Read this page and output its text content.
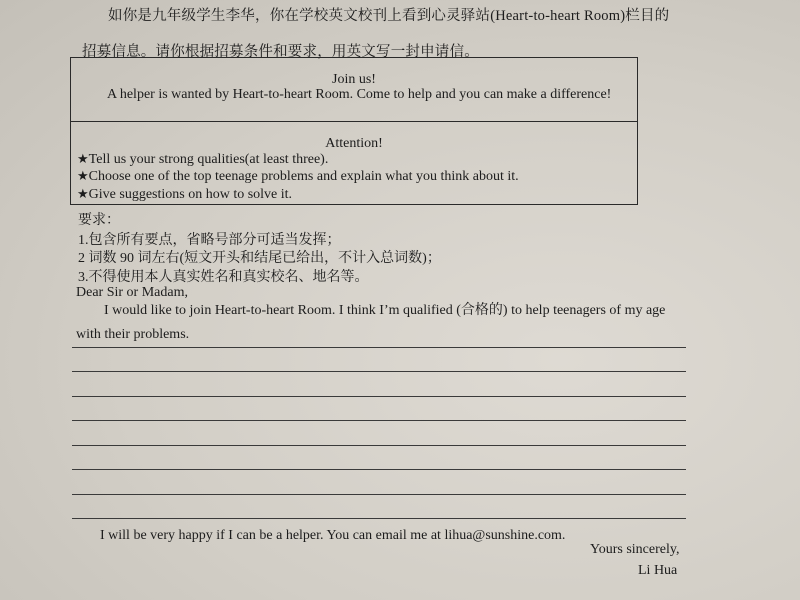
如你是九年级学生李华，你在学校英文校刊上看到心灵驿站(Heart-to-heart Room)栏目的
招募信息。请你根据招募条件和要求，用英文写一封申请信。
Join us!
A helper is wanted by Heart-to-heart Room. Come to help and you can make a difference!
Attention!
★Tell us your strong qualities(at least three).
★Choose one of the top teenage problems and explain what you think about it.
★Give suggestions on how to solve it.
要求：
1.包含所有要点，省略号部分可适当发挥；
2 词数 90 词左右(短文开头和结尾已给出，不计入总词数)；
3.不得使用本人真实姓名和真实校名、地名等。
Dear Sir or Madam,
I would like to join Heart-to-heart Room. I think I’m qualified (合格的) to help teenagers of my age with their problems.
I will be very happy if I can be a helper. You can email me at lihua@sunshine.com.
Yours sincerely,
Li Hua
